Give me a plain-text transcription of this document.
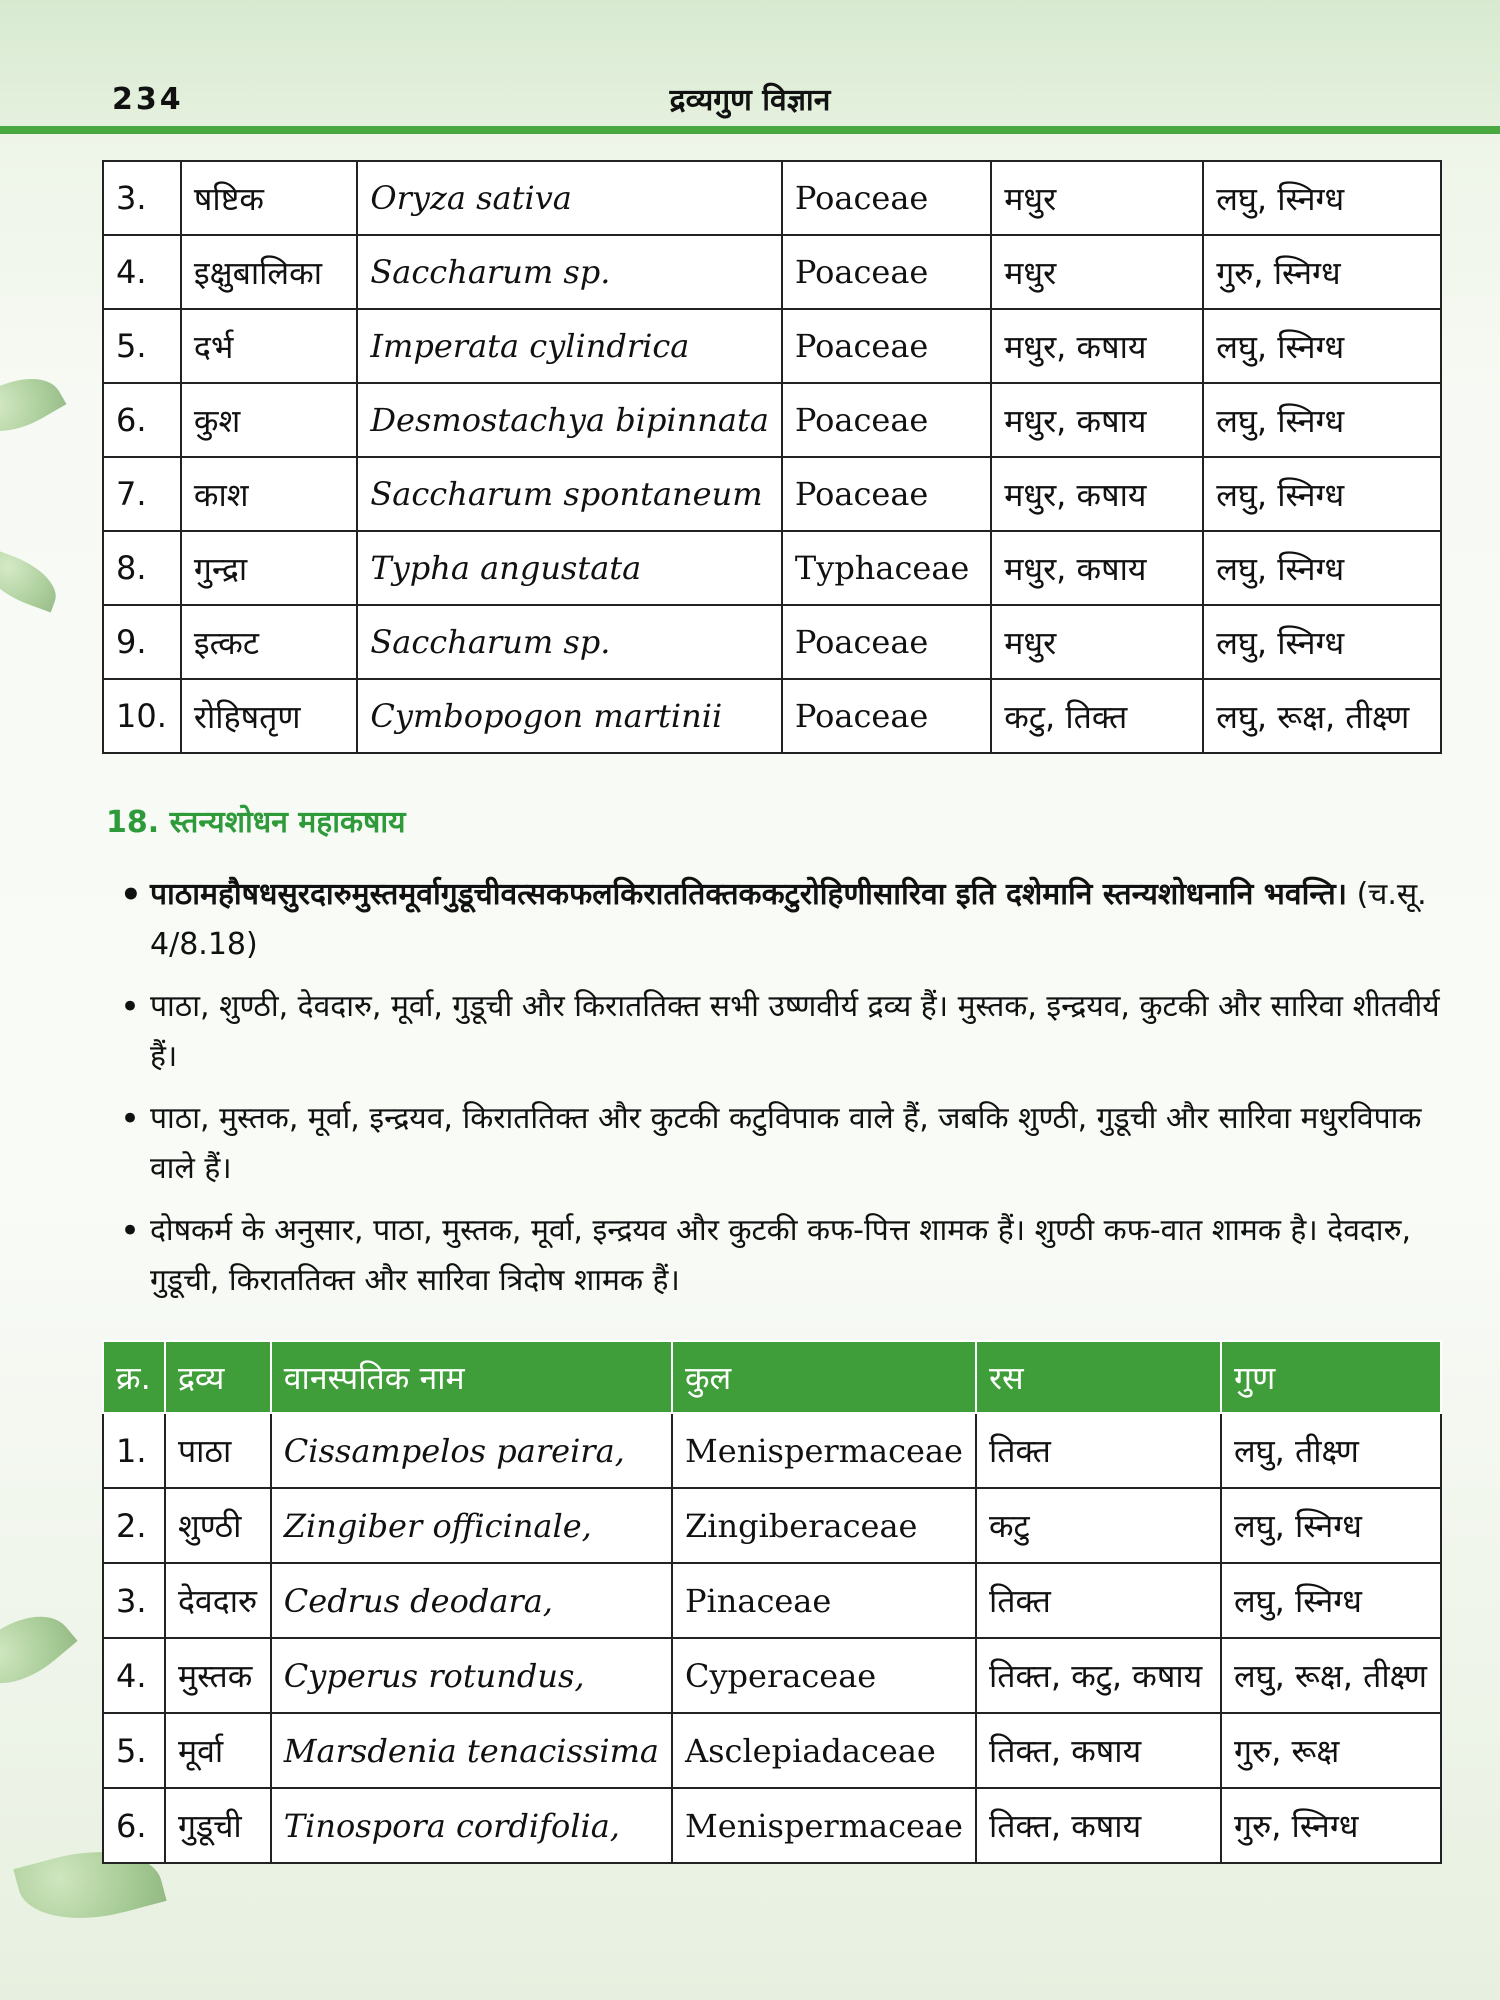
234	द्रव्यगुण विज्ञान
3.	षष्टिक	Oryza sativa	Poaceae	मधुर	लघु, स्निग्ध
4.	इक्षुबालिका	Saccharum sp.	Poaceae	मधुर	गुरु, स्निग्ध
5.	दर्भ	Imperata cylindrica	Poaceae	मधुर, कषाय	लघु, स्निग्ध
6.	कुश	Desmostachya bipinnata	Poaceae	मधुर, कषाय	लघु, स्निग्ध
7.	काश	Saccharum spontaneum	Poaceae	मधुर, कषाय	लघु, स्निग्ध
8.	गुन्द्रा	Typha angustata	Typhaceae	मधुर, कषाय	लघु, स्निग्ध
9.	इत्कट	Saccharum sp.	Poaceae	मधुर	लघु, स्निग्ध
10.	रोहिषतृण	Cymbopogon martinii	Poaceae	कटु, तिक्त	लघु, रूक्ष, तीक्ष्ण
18. स्तन्यशोधन महाकषाय
• पाठामहौषधसुरदारुमुस्तमूर्वागुडूचीवत्सकफलकिराततिक्तककटुरोहिणीसारिवा इति दशेमानि स्तन्यशोधनानि भवन्ति। (च.सू. 4/8.18)
• पाठा, शुण्ठी, देवदारु, मूर्वा, गुडूची और किराततिक्त सभी उष्णवीर्य द्रव्य हैं। मुस्तक, इन्द्रयव, कुटकी और सारिवा शीतवीर्य हैं।
• पाठा, मुस्तक, मूर्वा, इन्द्रयव, किराततिक्त और कुटकी कटुविपाक वाले हैं, जबकि शुण्ठी, गुडूची और सारिवा मधुरविपाक वाले हैं।
• दोषकर्म के अनुसार, पाठा, मुस्तक, मूर्वा, इन्द्रयव और कुटकी कफ-पित्त शामक हैं। शुण्ठी कफ-वात शामक है। देवदारु, गुडूची, किराततिक्त और सारिवा त्रिदोष शामक हैं।
क्र.	द्रव्य	वानस्पतिक नाम	कुल	रस	गुण
1.	पाठा	Cissampelos pareira,	Menispermaceae	तिक्त	लघु, तीक्ष्ण
2.	शुण्ठी	Zingiber officinale,	Zingiberaceae	कटु	लघु, स्निग्ध
3.	देवदारु	Cedrus deodara,	Pinaceae	तिक्त	लघु, स्निग्ध
4.	मुस्तक	Cyperus rotundus,	Cyperaceae	तिक्त, कटु, कषाय	लघु, रूक्ष, तीक्ष्ण
5.	मूर्वा	Marsdenia tenacissima	Asclepiadaceae	तिक्त, कषाय	गुरु, रूक्ष
6.	गुडूची	Tinospora cordifolia,	Menispermaceae	तिक्त, कषाय	गुरु, स्निग्ध
